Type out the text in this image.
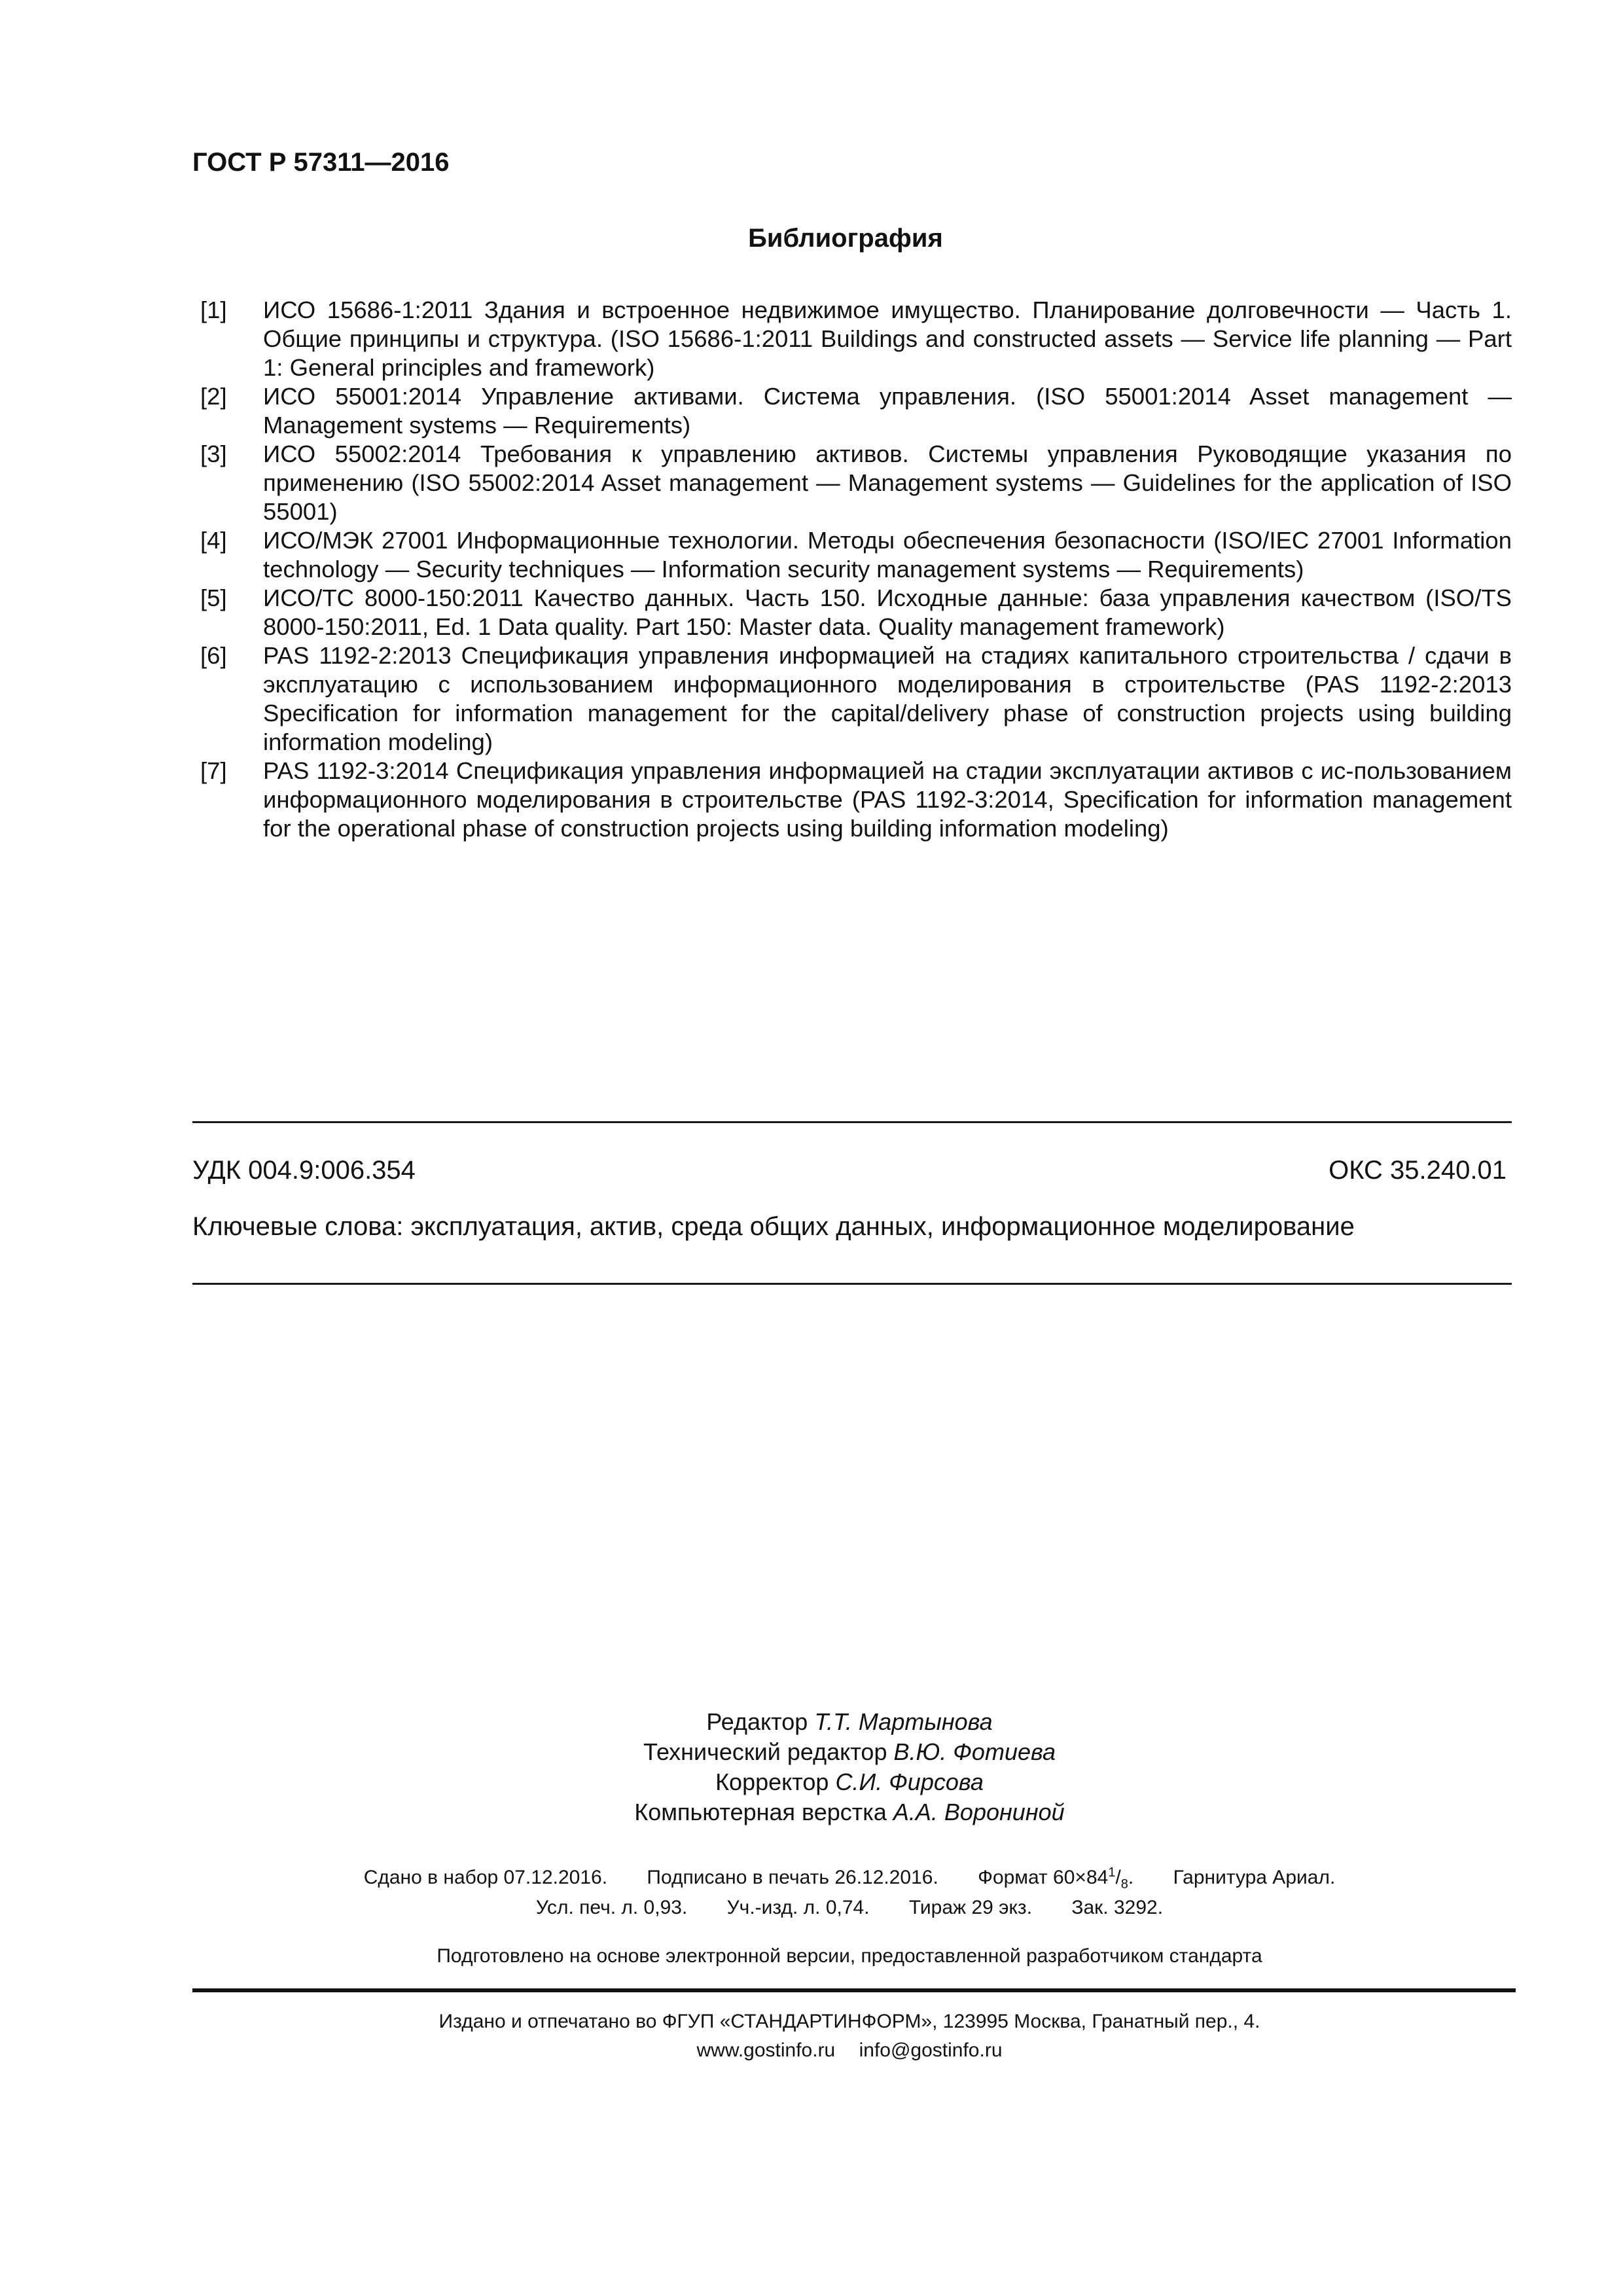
ГОСТ Р 57311—2016
Библиография
[1] ИСО 15686-1:2011 Здания и встроенное недвижимое имущество. Планирование долговечности — Часть 1. Общие принципы и структура. (ISO 15686-1:2011 Buildings and constructed assets — Service life planning — Part 1: General principles and framework)
[2] ИСО 55001:2014 Управление активами. Система управления. (ISO 55001:2014 Asset management — Management systems — Requirements)
[3] ИСО 55002:2014 Требования к управлению активов. Системы управления Руководящие указания по применению (ISO 55002:2014 Asset management — Management systems — Guidelines for the application of ISO 55001)
[4] ИСО/МЭК 27001 Информационные технологии. Методы обеспечения безопасности (ISO/IEC 27001 Information technology — Security techniques — Information security management systems — Requirements)
[5] ИСО/ТС 8000-150:2011 Качество данных. Часть 150. Исходные данные: база управления качеством (ISO/TS 8000-150:2011, Ed. 1 Data quality. Part 150: Master data. Quality management framework)
[6] PAS 1192-2:2013 Спецификация управления информацией на стадиях капитального строительства / сдачи в эксплуатацию с использованием информационного моделирования в строительстве (PAS 1192-2:2013 Specification for information management for the capital/delivery phase of construction projects using building information modeling)
[7] PAS 1192-3:2014 Спецификация управления информацией на стадии эксплуатации активов с ис-пользованием информационного моделирования в строительстве (PAS 1192-3:2014, Specification for information management for the operational phase of construction projects using building information modeling)
УДК 004.9:006.354	ОКС 35.240.01
Ключевые слова: эксплуатация, актив, среда общих данных, информационное моделирование
Редактор Т.Т. Мартынова
Технический редактор В.Ю. Фотиева
Корректор С.И. Фирсова
Компьютерная верстка А.А. Ворониной
Сдано в набор 07.12.2016. Подписано в печать 26.12.2016. Формат $60\times 84^1/_8$. Гарнитура Ариал.
Усл. печ. л. 0,93. Уч.-изд. л. 0,74. Тираж 29 экз. Зак. 3292.
Подготовлено на основе электронной версии, предоставленной разработчиком стандарта
Издано и отпечатано во ФГУП «СТАНДАРТИНФОРМ», 123995 Москва, Гранатный пер., 4.
www.gostinfo.ru info@gostinfo.ru
